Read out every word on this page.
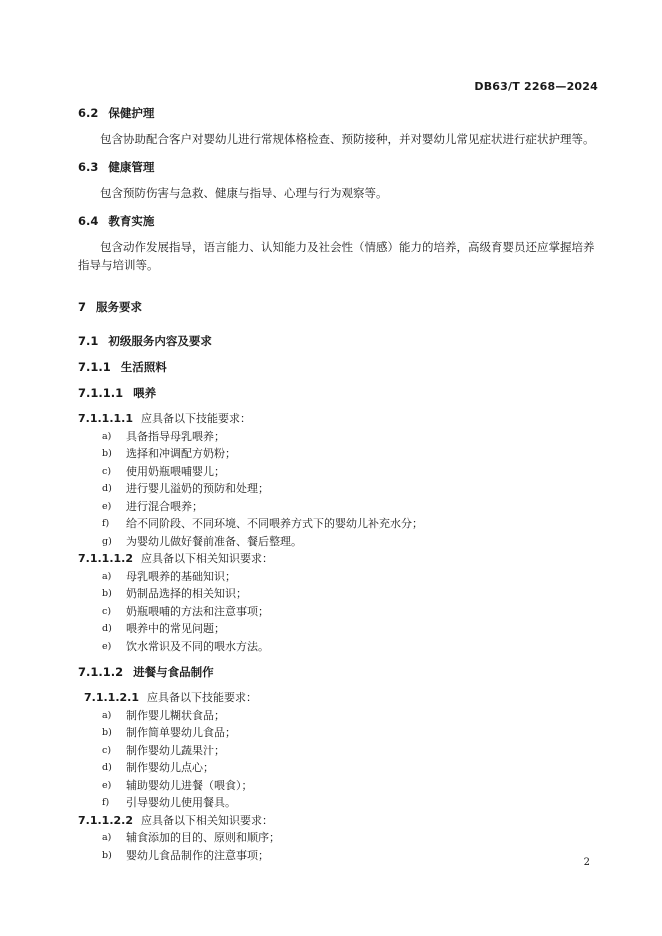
DB63/T 2268—2024
6.2 保健护理

包含协助配合客户对婴幼儿进行常规体格检查、预防接种，并对婴幼儿常见症状进行症状护理等。

6.3 健康管理

包含预防伤害与急救、健康与指导、心理与行为观察等。

6.4 教育实施

包含动作发展指导，语言能力、认知能力及社会性（情感）能力的培养，高级育婴员还应掌握培养指导与培训等。

7 服务要求
7.1 初级服务内容及要求
7.1.1 生活照料
7.1.1.1 喂养
7.1.1.1.1 应具备以下技能要求：
a)	具备指导母乳喂养；
b)	选择和冲调配方奶粉；
c)	使用奶瓶喂哺婴儿；
d)	进行婴儿溢奶的预防和处理；
e)	进行混合喂养；
f)	给不同阶段、不同环境、不同喂养方式下的婴幼儿补充水分；
g)	为婴幼儿做好餐前准备、餐后整理。
7.1.1.1.2 应具备以下相关知识要求：
a)	母乳喂养的基础知识；
b)	奶制品选择的相关知识；
c)	奶瓶喂哺的方法和注意事项；
d)	喂养中的常见问题；
e)	饮水常识及不同的喂水方法。
7.1.1.2 进餐与食品制作
7.1.1.2.1 应具备以下技能要求：
a)	制作婴儿糊状食品；
b)	制作简单婴幼儿食品；
c)	制作婴幼儿蔬果汁；
d)	制作婴幼儿点心；
e)	辅助婴幼儿进餐（喂食）；
f)	引导婴幼儿使用餐具。
7.1.1.2.2 应具备以下相关知识要求：
a)	辅食添加的目的、原则和顺序；
b)	婴幼儿食品制作的注意事项；
2
